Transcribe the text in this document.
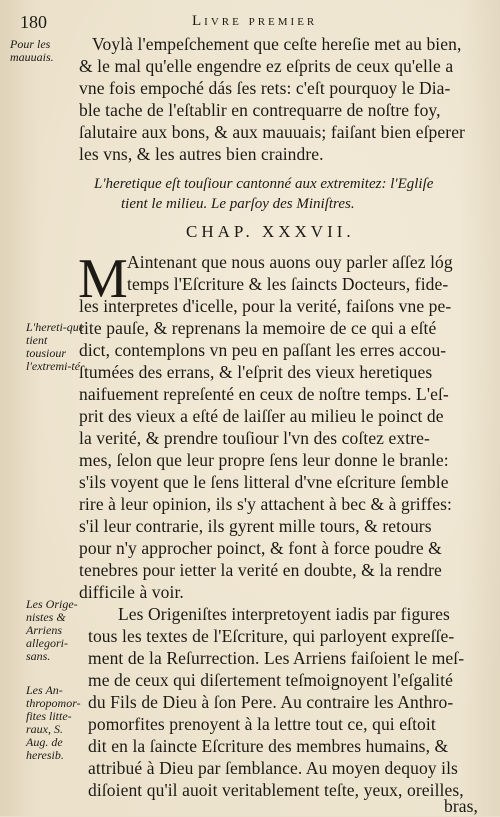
180	Livre premier
Pour les mauuais.
L'hereti-que tient tousiour l'extremi-té.
Les Orige-nistes & Arriens allegori-sans.
Les An-thropomor-fites litte-raux, S. Aug. de heresib.
Voylà l'empeſchement que ceſte hereſie met au bien,
& le mal qu'elle engendre ez eſprits de ceux qu'elle a
vne fois empoché dás ſes rets: c'eſt pourquoy le Dia-
ble tache de l'eſtablir en contrequarre de noſtre foy,
ſalutaire aux bons, & aux mauuais; faiſant bien eſperer
les vns, & les autres bien craindre.
L'heretique eſt touſiour cantonné aux extremitez: l'Egliſe
tient le milieu. Le parſoy des Miniſtres.
CHAP. XXXVII.
M Aintenant que nous auons ouy parler aſſez lóg
temps l'Eſcriture & les ſaincts Docteurs, fide-
les interpretes d'icelle, pour la verité, faiſons vne pe-
tite pauſe, & reprenans la memoire de ce qui a eſté
dict, contemplons vn peu en paſſant les erres accou-
ſtumées des errans, & l'eſprit des vieux heretiques
naifuement repreſenté en ceux de noſtre temps. L'eſ-
prit des vieux a eſté de laiſſer au milieu le poinct de
la verité, & prendre touſiour l'vn des coſtez extre-
mes, ſelon que leur propre ſens leur donne le branle:
s'ils voyent que le ſens litteral d'vne eſcriture ſemble
rire à leur opinion, ils s'y attachent à bec & à griffes:
s'il leur contrarie, ils gyrent mille tours, & retours
pour n'y approcher poinct, & font à force poudre &
tenebres pour ietter la verité en doubte, & la rendre
difficile à voir.
Les Origeniſtes interpretoyent iadis par figures
tous les textes de l'Eſcriture, qui parloyent expreſſe-
ment de la Reſurrection. Les Arriens faiſoient le meſ-
me de ceux qui diſertement teſmoignoyent l'eſgalité
du Fils de Dieu à ſon Pere. Au contraire les Anthro-
pomorfites prenoyent à la lettre tout ce, qui eſtoit
dit en la ſaincte Eſcriture des membres humains, &
attribué à Dieu par ſemblance. Au moyen dequoy ils
diſoient qu'il auoit veritablement teſte, yeux, oreilles,
bras,
